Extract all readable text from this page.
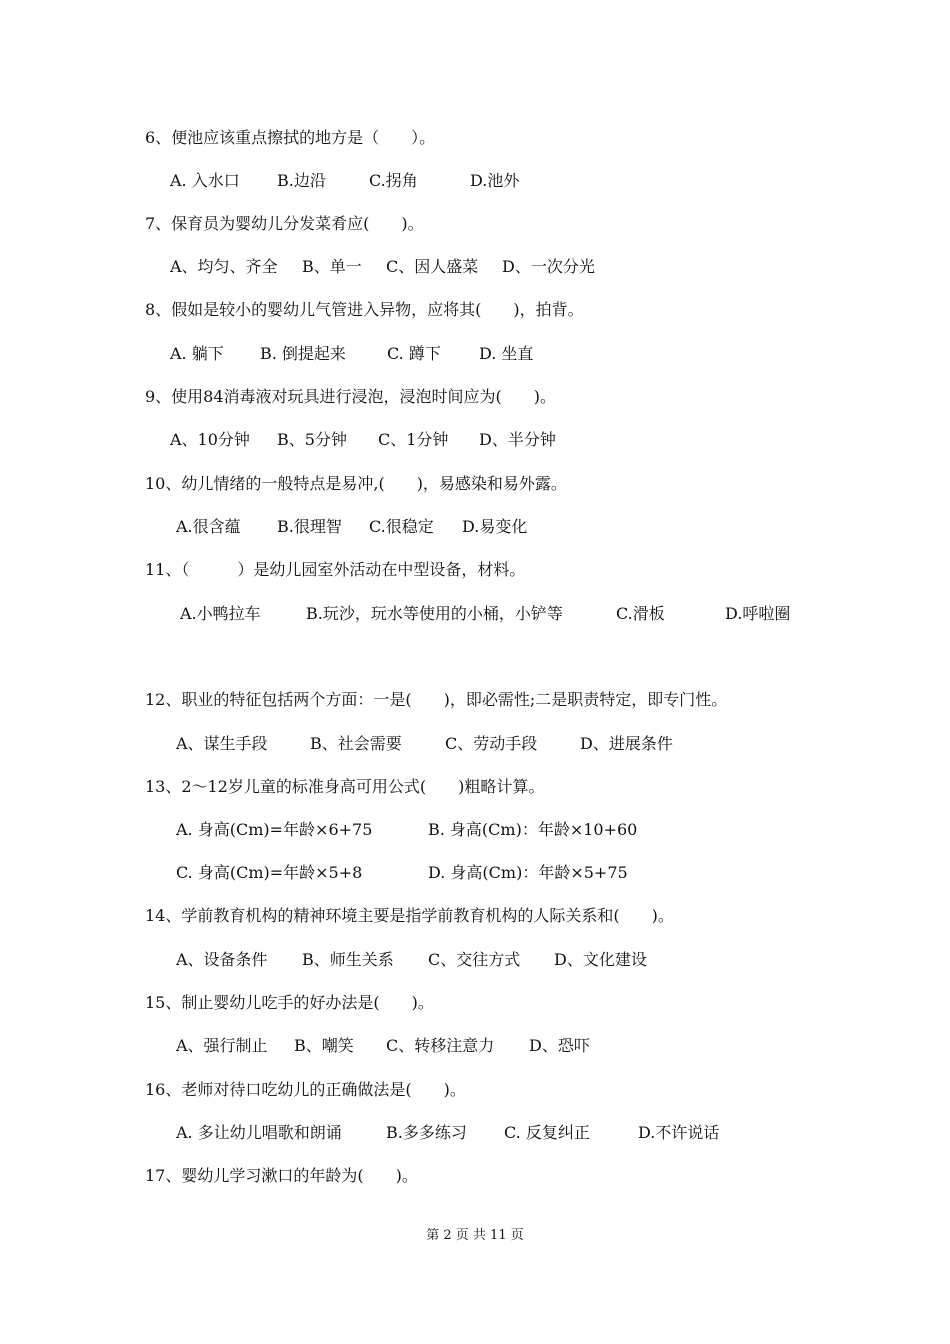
6、便池应该重点擦拭的地方是（　　）。
A. 入水口 B.边沿	C.拐角	D.池外
7、保育员为婴幼儿分发菜肴应(　　)。
A、均匀、齐全 B、单一 C、因人盛菜 D、一次分光
8、假如是较小的婴幼儿气管进入异物，应将其(　　)，拍背。
A. 躺下 B. 倒提起来	C. 蹲下 D. 坐直
9、使用84消毒液对玩具进行浸泡，浸泡时间应为(　　)。
A、10分钟 B、5分钟 C、1分钟 D、半分钟
10、幼儿情绪的一般特点是易冲,(　　)，易感染和易外露。
A.很含蕴 B.很理智 C.很稳定 D.易变化
11、（　　　）是幼儿园室外活动在中型设备，材料。
A.小鸭拉车	B.玩沙，玩水等使用的小桶，小铲等	C.滑板	D.呼啦圈
12、职业的特征包括两个方面：一是(　　)，即必需性;二是职责特定，即专门性。
A、谋生手段	B、社会需要	C、劳动手段	D、进展条件
13、2～12岁儿童的标准身高可用公式(　　)粗略计算。
A. 身高(Cm)=年龄×6+75	B. 身高(Cm)：年龄×10+60
C. 身高(Cm)=年龄×5+8	D. 身高(Cm)：年龄×5+75
14、学前教育机构的精神环境主要是指学前教育机构的人际关系和(　　)。
A、设备条件 B、师生关系 C、交往方式 D、文化建设
15、制止婴幼儿吃手的好办法是(　　)。
A、强行制止 B、嘲笑 C、转移注意力 D、恐吓
16、老师对待口吃幼儿的正确做法是(　　)。
A. 多让幼儿唱歌和朗诵	B.多多练习 C. 反复纠正	D.不许说话
17、婴幼儿学习漱口的年龄为(　　)。
第 2 页 共 11 页
